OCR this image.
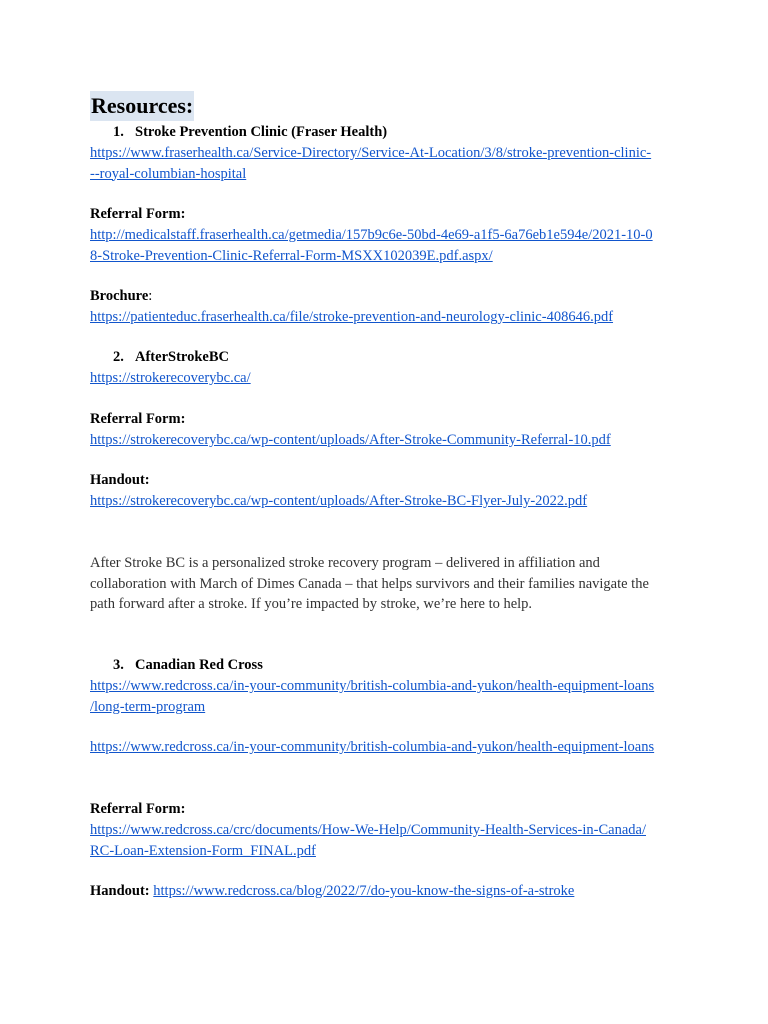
Resources:
1. Stroke Prevention Clinic (Fraser Health)
https://www.fraserhealth.ca/Service-Directory/Service-At-Location/3/8/stroke-prevention-clinic-
--royal-columbian-hospital
Referral Form:
http://medicalstaff.fraserhealth.ca/getmedia/157b9c6e-50bd-4e69-a1f5-6a76eb1e594e/2021-10-0
8-Stroke-Prevention-Clinic-Referral-Form-MSXX102039E.pdf.aspx/
Brochure:
https://patienteduc.fraserhealth.ca/file/stroke-prevention-and-neurology-clinic-408646.pdf
2. AfterStrokeBC
https://strokerecoverybc.ca/
Referral Form:
https://strokerecoverybc.ca/wp-content/uploads/After-Stroke-Community-Referral-10.pdf
Handout:
https://strokerecoverybc.ca/wp-content/uploads/After-Stroke-BC-Flyer-July-2022.pdf
After Stroke BC is a personalized stroke recovery program – delivered in affiliation and
collaboration with March of Dimes Canada – that helps survivors and their families navigate the
path forward after a stroke. If you’re impacted by stroke, we’re here to help.
3. Canadian Red Cross
https://www.redcross.ca/in-your-community/british-columbia-and-yukon/health-equipment-loans
/long-term-program
https://www.redcross.ca/in-your-community/british-columbia-and-yukon/health-equipment-loans
Referral Form:
https://www.redcross.ca/crc/documents/How-We-Help/Community-Health-Services-in-Canada/
RC-Loan-Extension-Form_FINAL.pdf
Handout: https://www.redcross.ca/blog/2022/7/do-you-know-the-signs-of-a-stroke
